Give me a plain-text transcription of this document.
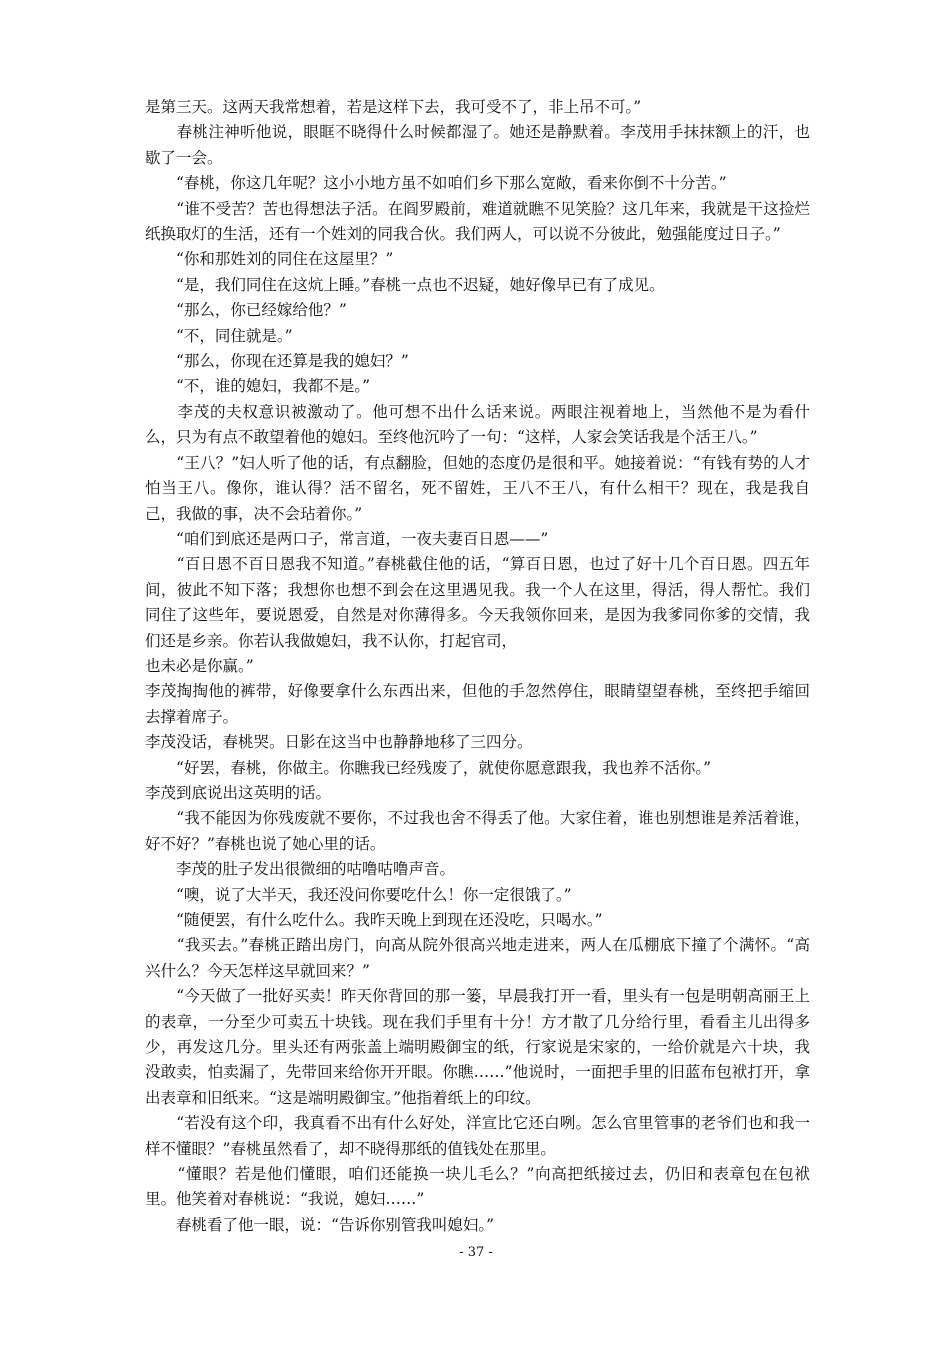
是第三天。这两天我常想着，若是这样下去，我可受不了，非上吊不可。”

　　春桃注神听他说，眼眶不晓得什么时候都湿了。她还是静默着。李茂用手抹抹额上的汗，也歇了一会。

　　“春桃，你这几年呢？这小小地方虽不如咱们乡下那么宽敞，看来你倒不十分苦。”

　　“谁不受苦？苦也得想法子活。在阎罗殿前，难道就瞧不见笑脸？这几年来，我就是干这捡烂纸换取灯的生活，还有一个姓刘的同我合伙。我们两人，可以说不分彼此，勉强能度过日子。”

　　“你和那姓刘的同住在这屋里？”

　　“是，我们同住在这炕上睡。”春桃一点也不迟疑，她好像早已有了成见。

　　“那么，你已经嫁给他？”

　　“不，同住就是。”

　　“那么，你现在还算是我的媳妇？”

　　“不，谁的媳妇，我都不是。”

　　李茂的夫权意识被激动了。他可想不出什么话来说。两眼注视着地上，当然他不是为看什么，只为有点不敢望着他的媳妇。至终他沉吟了一句：“这样，人家会笑话我是个活王八。”

　　“王八？”妇人听了他的话，有点翻脸，但她的态度仍是很和平。她接着说：“有钱有势的人才怕当王八。像你，谁认得？活不留名，死不留姓，王八不王八，有什么相干？现在，我是我自己，我做的事，决不会玷着你。”

　　“咱们到底还是两口子，常言道，一夜夫妻百日恩——”

　　“百日恩不百日恩我不知道。”春桃截住他的话，“算百日恩，也过了好十几个百日恩。四五年间，彼此不知下落；我想你也想不到会在这里遇见我。我一个人在这里，得活，得人帮忙。我们同住了这些年，要说恩爱，自然是对你薄得多。今天我领你回来，是因为我爹同你爹的交情，我们还是乡亲。你若认我做媳妇，我不认你，打起官司，

也未必是你赢。”

李茂掏掏他的裤带，好像要拿什么东西出来，但他的手忽然停住，眼睛望望春桃，至终把手缩回去撑着席子。

李茂没话，春桃哭。日影在这当中也静静地移了三四分。

　　“好罢，春桃，你做主。你瞧我已经残废了，就使你愿意跟我，我也养不活你。”

李茂到底说出这英明的话。

　　“我不能因为你残废就不要你，不过我也舍不得丢了他。大家住着，谁也别想谁是养活着谁，好不好？”春桃也说了她心里的话。

　　李茂的肚子发出很微细的咕噜咕噜声音。

　　“噢，说了大半天，我还没问你要吃什么！你一定很饿了。”

　　“随便罢，有什么吃什么。我昨天晚上到现在还没吃，只喝水。”

　　“我买去。”春桃正踏出房门，向高从院外很高兴地走进来，两人在瓜棚底下撞了个满怀。“高兴什么？今天怎样这早就回来？”

　　“今天做了一批好买卖！昨天你背回的那一篓，早晨我打开一看，里头有一包是明朝高丽王上的表章，一分至少可卖五十块钱。现在我们手里有十分！方才散了几分给行里，看看主儿出得多少，再发这几分。里头还有两张盖上端明殿御宝的纸，行家说是宋家的，一给价就是六十块，我没敢卖，怕卖漏了，先带回来给你开开眼。你瞧……”他说时，一面把手里的旧蓝布包袱打开，拿出表章和旧纸来。“这是端明殿御宝。”他指着纸上的印纹。

　　“若没有这个印，我真看不出有什么好处，洋宣比它还白咧。怎么官里管事的老爷们也和我一样不懂眼？”春桃虽然看了，却不晓得那纸的值钱处在那里。

　　“懂眼？若是他们懂眼，咱们还能换一块儿毛么？”向高把纸接过去，仍旧和表章包在包袱里。他笑着对春桃说：“我说，媳妇……”

　　春桃看了他一眼，说：“告诉你别管我叫媳妇。”

- 37 -
